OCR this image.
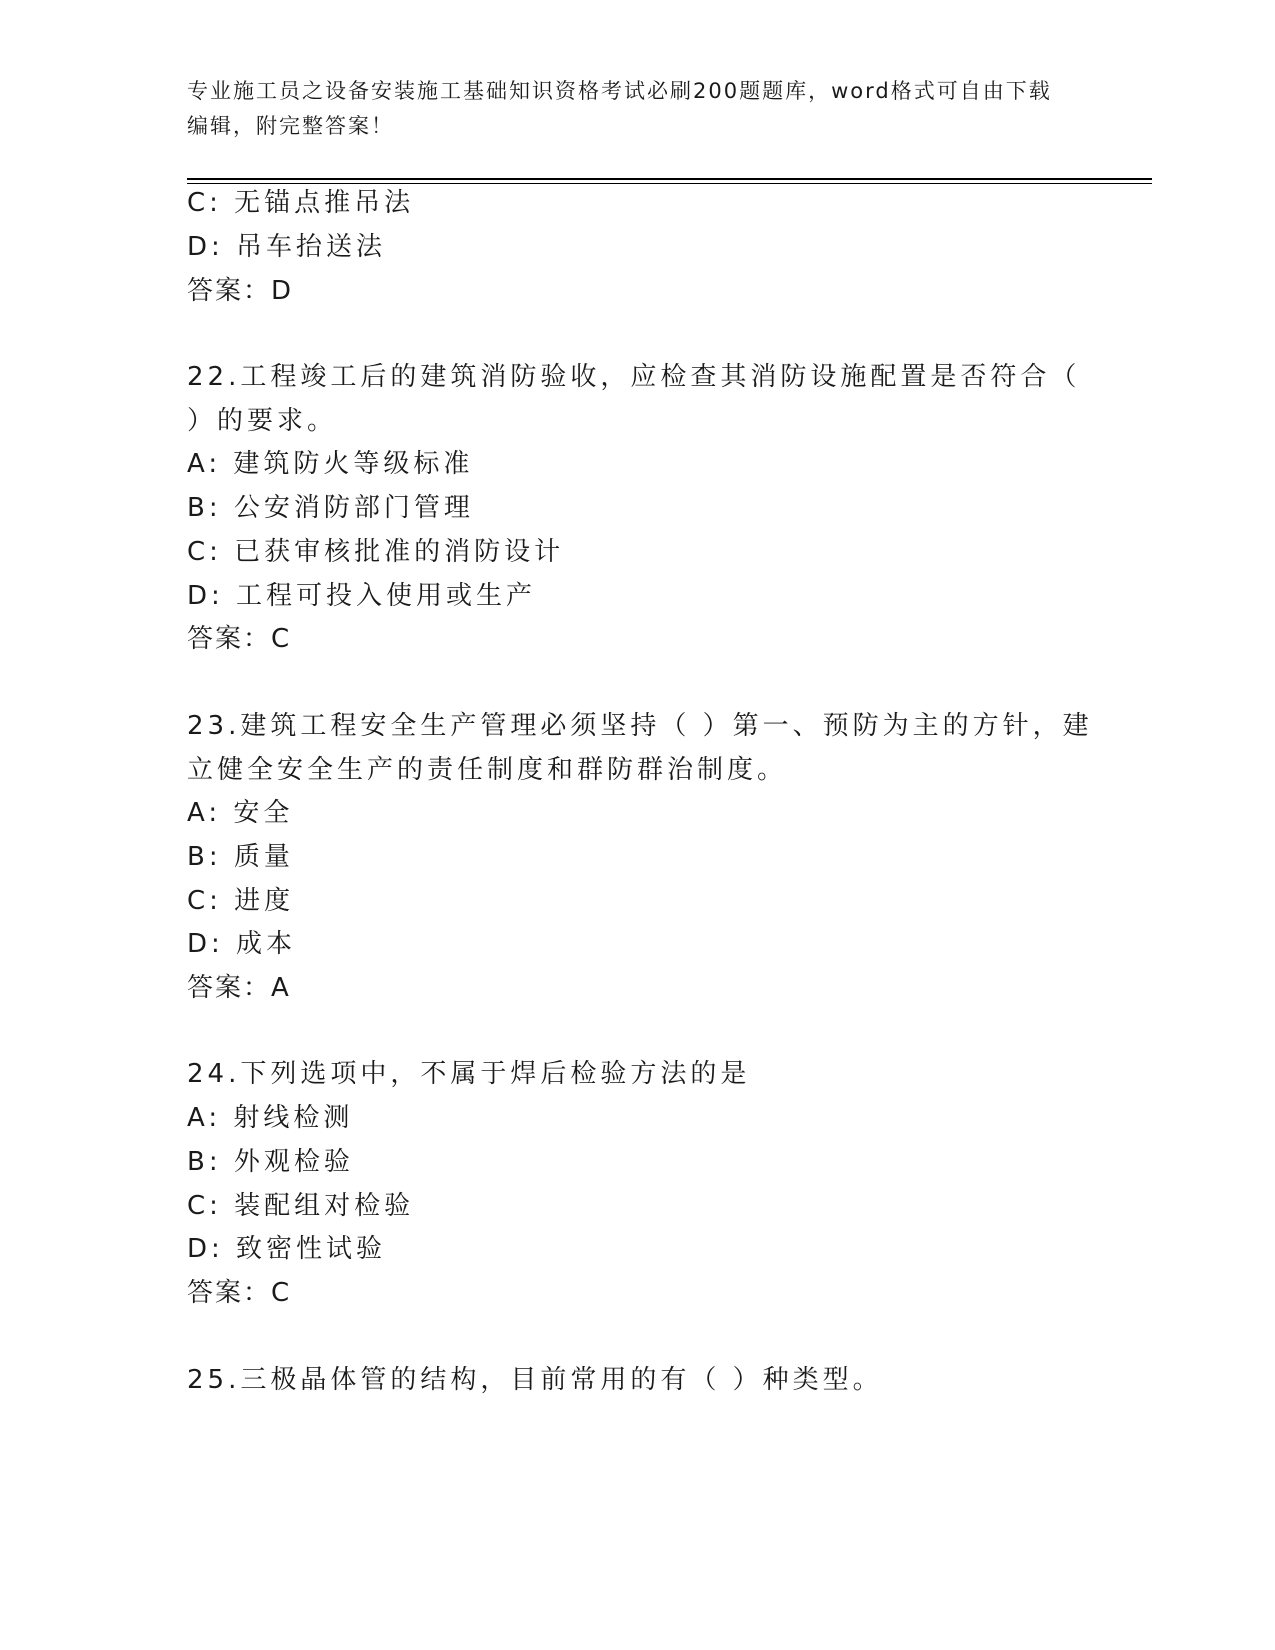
专业施工员之设备安装施工基础知识资格考试必刷200题题库，word格式可自由下载编辑，附完整答案！
C: 无锚点推吊法
D: 吊车抬送法
答案：D
22.工程竣工后的建筑消防验收，应检查其消防设施配置是否符合（
）的要求。
A: 建筑防火等级标准
B: 公安消防部门管理
C: 已获审核批准的消防设计
D: 工程可投入使用或生产
答案：C
23.建筑工程安全生产管理必须坚持（ ）第一、预防为主的方针，建
立健全安全生产的责任制度和群防群治制度。
A: 安全
B: 质量
C: 进度
D: 成本
答案：A
24.下列选项中，不属于焊后检验方法的是
A: 射线检测
B: 外观检验
C: 装配组对检验
D: 致密性试验
答案：C
25.三极晶体管的结构，目前常用的有（ ）种类型。
